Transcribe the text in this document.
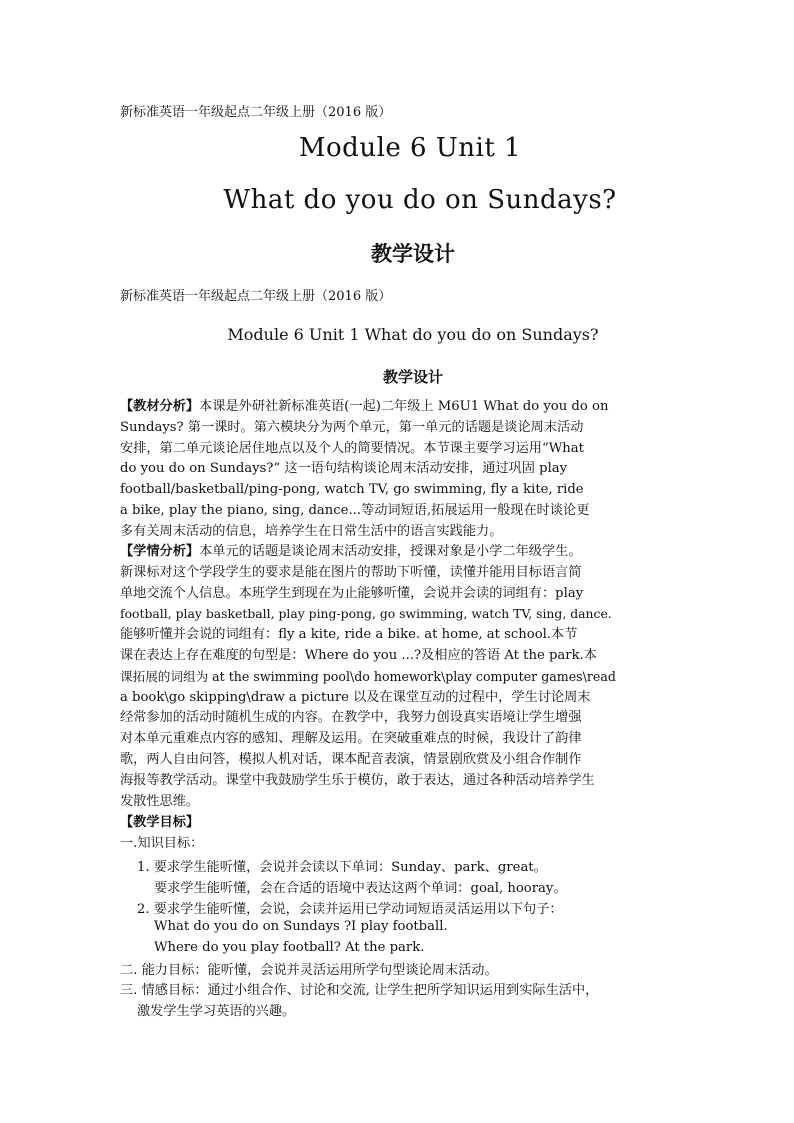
新标准英语一年级起点二年级上册（2016 版）
Module 6 Unit 1
What do you do on Sundays?
教学设计
新标准英语一年级起点二年级上册（2016 版）
Module 6 Unit 1 What do you do on Sundays?
教学设计
【教材分析】本课是外研社新标准英语(一起)二年级上 M6U1 What do you do on
Sundays? 第一课时。第六模块分为两个单元，第一单元的话题是谈论周末活动
安排，第二单元谈论居住地点以及个人的简要情况。本节课主要学习运用“What
do you do on Sundays?” 这一语句结构谈论周末活动安排，通过巩固 play
football/basketball/ping-pong, watch TV, go swimming, fly a kite, ride
a bike, play the piano, sing, dance...等动词短语,拓展运用一般现在时谈论更
多有关周末活动的信息，培养学生在日常生活中的语言实践能力。
【学情分析】本单元的话题是谈论周末活动安排，授课对象是小学二年级学生。
新课标对这个学段学生的要求是能在图片的帮助下听懂，读懂并能用目标语言简
单地交流个人信息。本班学生到现在为止能够听懂，会说并会读的词组有：play
football, play basketball, play ping-pong, go swimming, watch TV, sing, dance.
能够听懂并会说的词组有：fly a kite, ride a bike. at home, at school.本节
课在表达上存在难度的句型是：Where do you ...?及相应的答语 At the park.本
课拓展的词组为 at the swimming pool\do homework\play computer games\read
a book\go skipping\draw a picture 以及在课堂互动的过程中，学生讨论周末
经常参加的活动时随机生成的内容。在教学中，我努力创设真实语境让学生增强
对本单元重难点内容的感知、理解及运用。在突破重难点的时候，我设计了韵律
歌，两人自由问答，模拟人机对话，课本配音表演，情景剧欣赏及小组合作制作
海报等教学活动。课堂中我鼓励学生乐于模仿，敢于表达，通过各种活动培养学生
发散性思维。
【教学目标】
一.知识目标：
1. 要求学生能听懂，会说并会读以下单词：Sunday、park、great。
要求学生能听懂，会在合适的语境中表达这两个单词：goal, hooray。
2. 要求学生能听懂，会说，会读并运用已学动词短语灵活运用以下句子：
What do you do on Sundays ?I play football.
Where do you play football? At the park.
二. 能力目标：能听懂，会说并灵活运用所学句型谈论周末活动。
三. 情感目标：通过小组合作、讨论和交流, 让学生把所学知识运用到实际生活中，
激发学生学习英语的兴趣。
